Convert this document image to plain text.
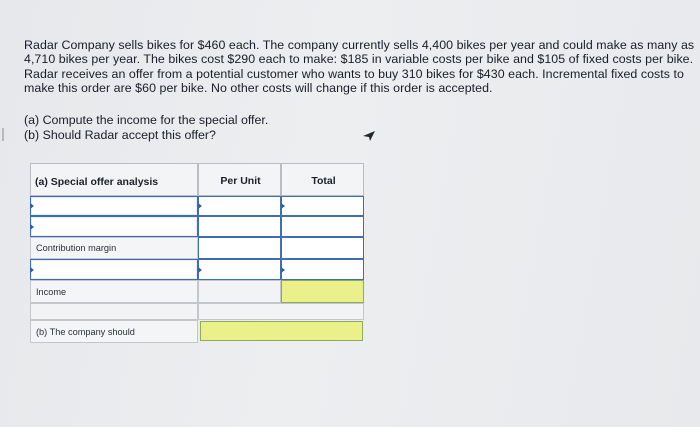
Radar Company sells bikes for $460 each. The company currently sells 4,400 bikes per year and could make as many as 4,710 bikes per year. The bikes cost $290 each to make: $185 in variable costs per bike and $105 of fixed costs per bike. Radar receives an offer from a potential customer who wants to buy 310 bikes for $430 each. Incremental fixed costs to make this order are $60 per bike. No other costs will change if this order is accepted.
(a) Compute the income for the special offer.
(b) Should Radar accept this offer?
(a) Special offer analysis	Per Unit	Total
Contribution margin
Income
(b) The company should
